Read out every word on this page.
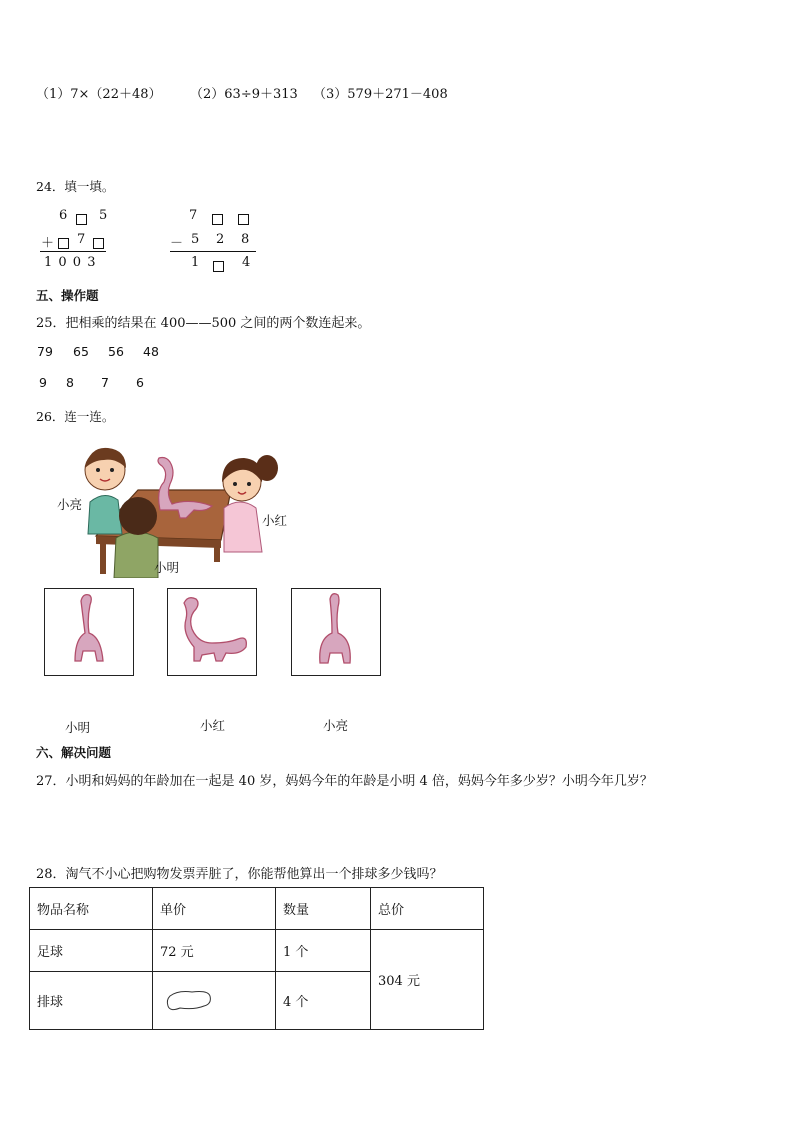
（1）7×（22＋48） （2）63÷9＋313 （3）579＋271－408
24．填一填。
6 5
＋ 7
1 0 0 3
7
－ 5 2 8
1	4
五、操作题
25．把相乘的结果在 400——500 之间的两个数连起来。
79 65 56 48
9 8 7 6
26．连一连。
小亮
小红
小明
小明	小红	小亮
六、解决问题
27．小明和妈妈的年龄加在一起是 40 岁，妈妈今年的年龄是小明 4 倍，妈妈今年多少岁？小明今年几岁？
28．淘气不小心把购物发票弄脏了，你能帮他算出一个排球多少钱吗？
物品名称	单价	数量	总价
足球	72 元	1 个	304 元
排球		4 个	
